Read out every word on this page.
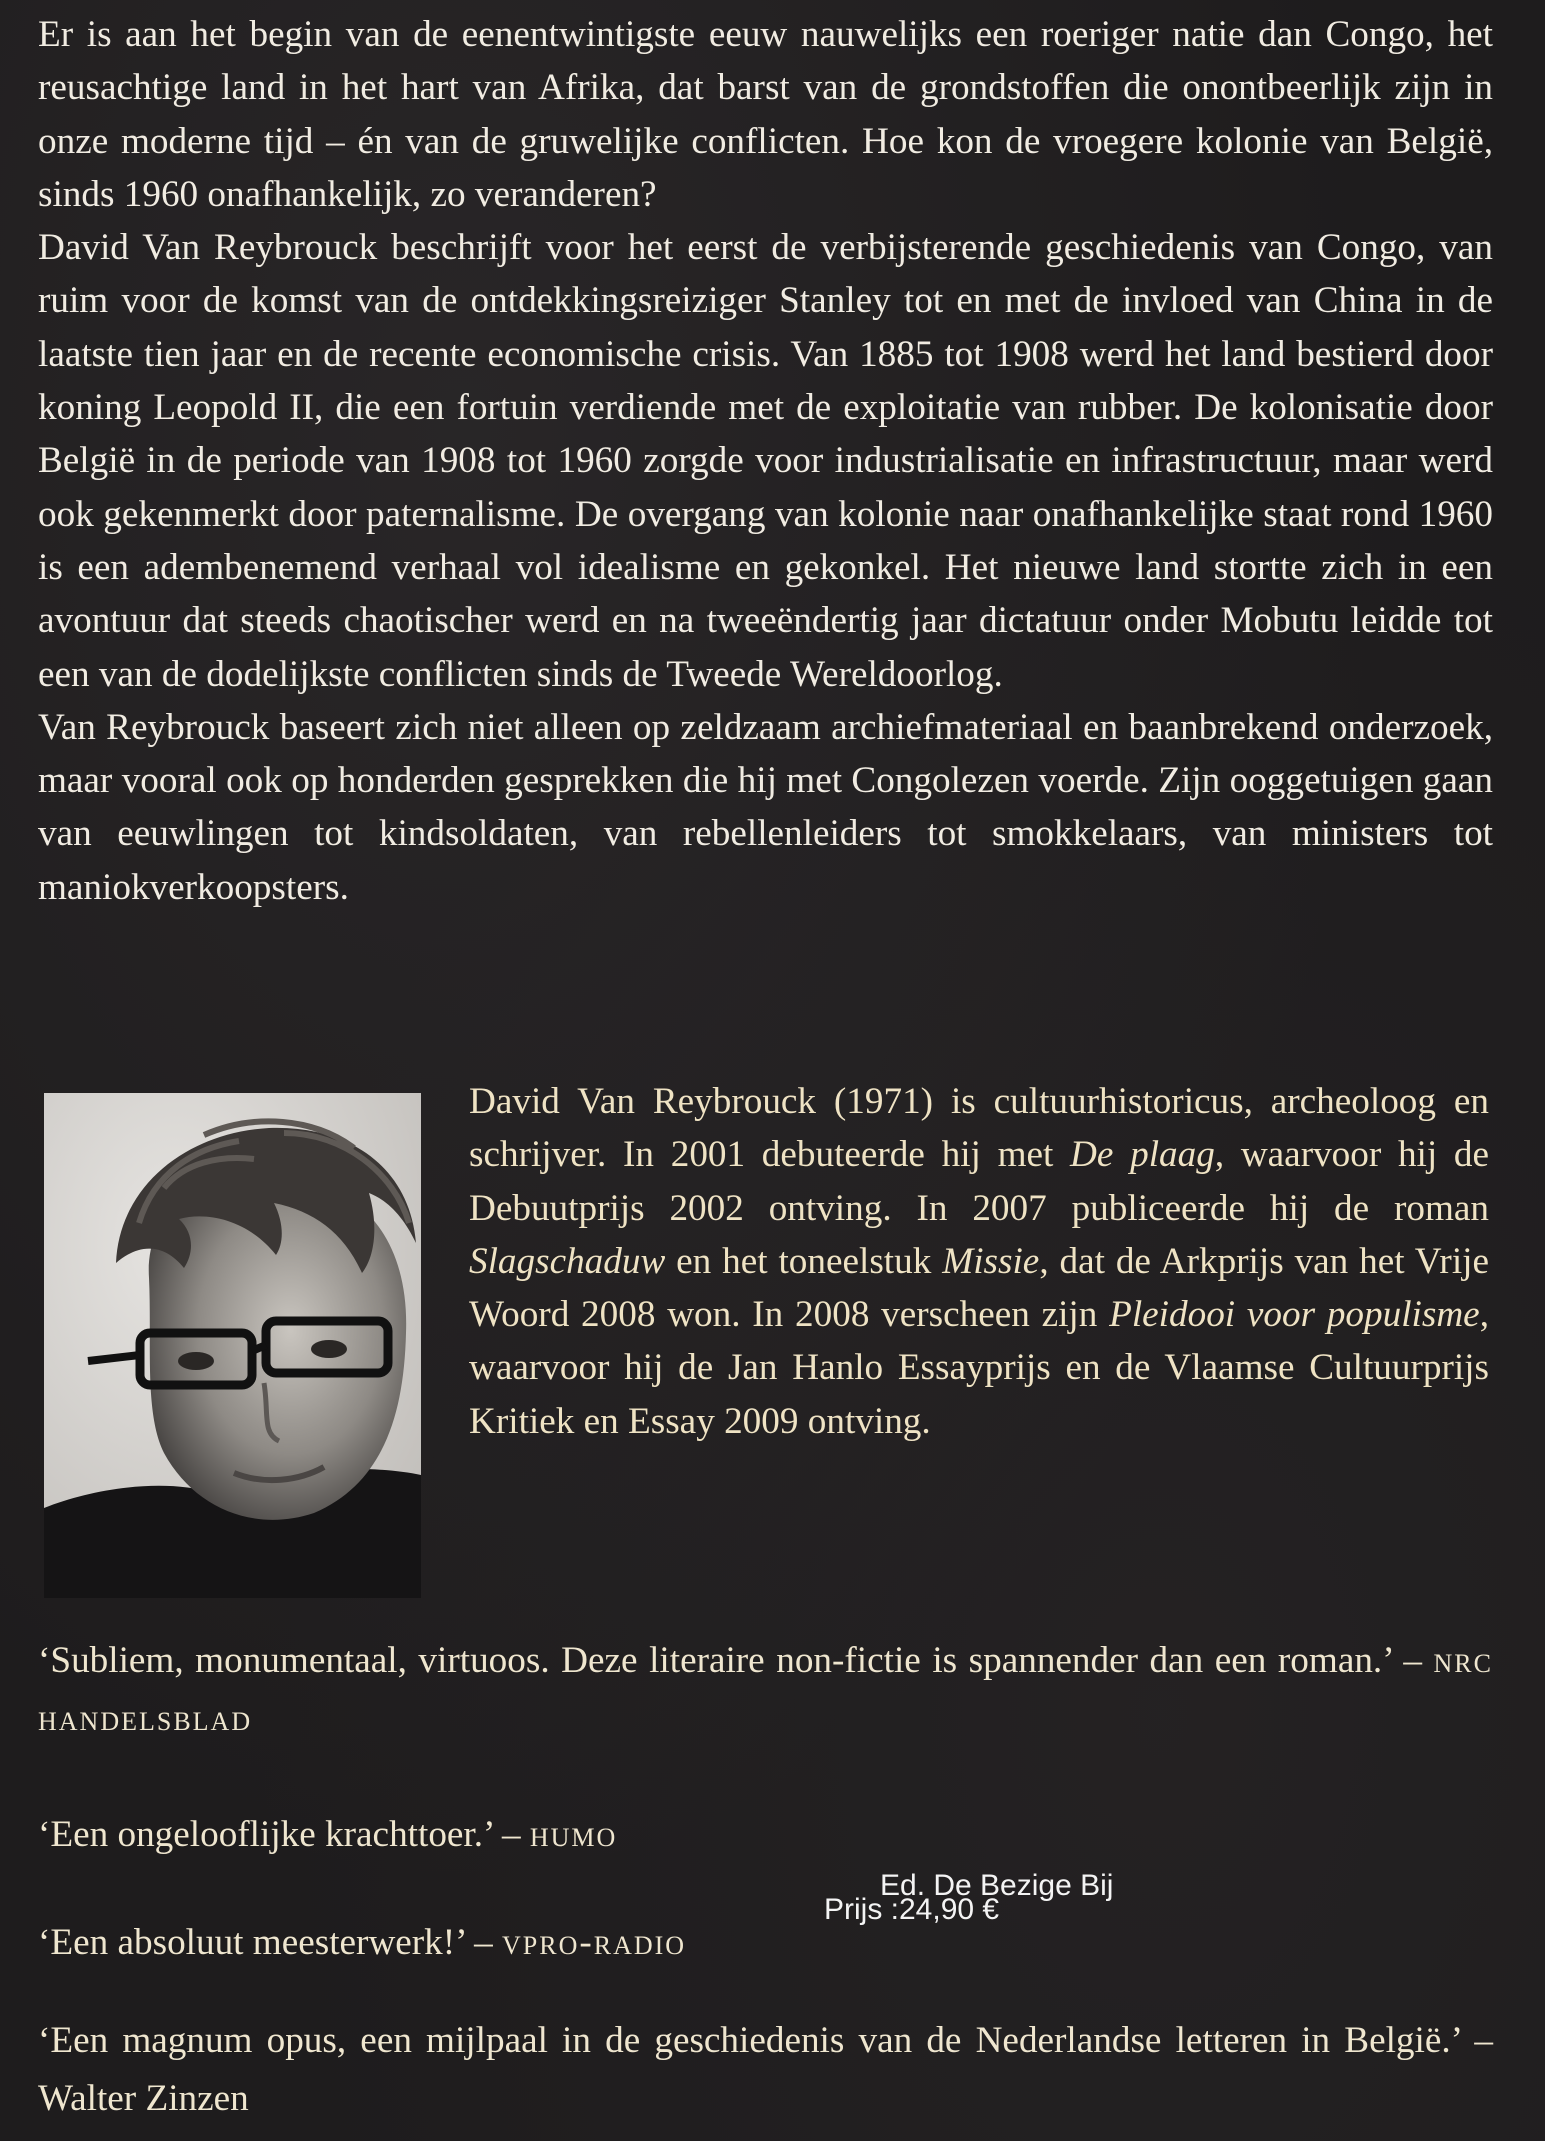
Er is aan het begin van de eenentwintigste eeuw nauwelijks een roeriger natie dan Congo, het reusachtige land in het hart van Afrika, dat barst van de grondstoffen die onontbeerlijk zijn in onze moderne tijd – én van de gruwelijke conflicten. Hoe kon de vroegere kolonie van België, sinds 1960 onafhankelijk, zo veranderen?

David Van Reybrouck beschrijft voor het eerst de verbijsterende geschiedenis van Congo, van ruim voor de komst van de ontdekkingsreiziger Stanley tot en met de invloed van China in de laatste tien jaar en de recente economische crisis. Van 1885 tot 1908 werd het land bestierd door koning Leopold II, die een fortuin verdiende met de exploitatie van rubber. De kolonisatie door België in de periode van 1908 tot 1960 zorgde voor industrialisatie en infrastructuur, maar werd ook gekenmerkt door paternalisme. De overgang van kolonie naar onafhankelijke staat rond 1960 is een adembenemend verhaal vol idealisme en gekonkel. Het nieuwe land stortte zich in een avontuur dat steeds chaotischer werd en na tweeëndertig jaar dictatuur onder Mobutu leidde tot een van de dodelijkste conflicten sinds de Tweede Wereldoorlog.

Van Reybrouck baseert zich niet alleen op zeldzaam archiefmateriaal en baanbrekend onderzoek, maar vooral ook op honderden gesprekken die hij met Congolezen voerde. Zijn ooggetuigen gaan van eeuwlingen tot kindsoldaten, van rebellenleiders tot smokkelaars, van ministers tot maniokverkoopsters.

David Van Reybrouck (1971) is cultuurhistoricus, archeoloog en schrijver. In 2001 debuteerde hij met De plaag, waarvoor hij de Debuutprijs 2002 ontving. In 2007 publiceerde hij de roman Slagschaduw en het toneelstuk Missie, dat de Arkprijs van het Vrije Woord 2008 won. In 2008 verscheen zijn Pleidooi voor populisme, waarvoor hij de Jan Hanlo Essayprijs en de Vlaamse Cultuurprijs Kritiek en Essay 2009 ontving.

‘Subliem, monumentaal, virtuoos. Deze literaire non-fictie is spannender dan een roman.’ – nrc handelsblad

‘Een ongelooflijke krachttoer.’ – humo

‘Een absoluut meesterwerk!’ – vpro-radio

‘Een magnum opus, een mijlpaal in de geschiedenis van de Nederlandse letteren in België.’ – Walter Zinzen

Ed. De Bezige Bij
Prijs :24,90 €
